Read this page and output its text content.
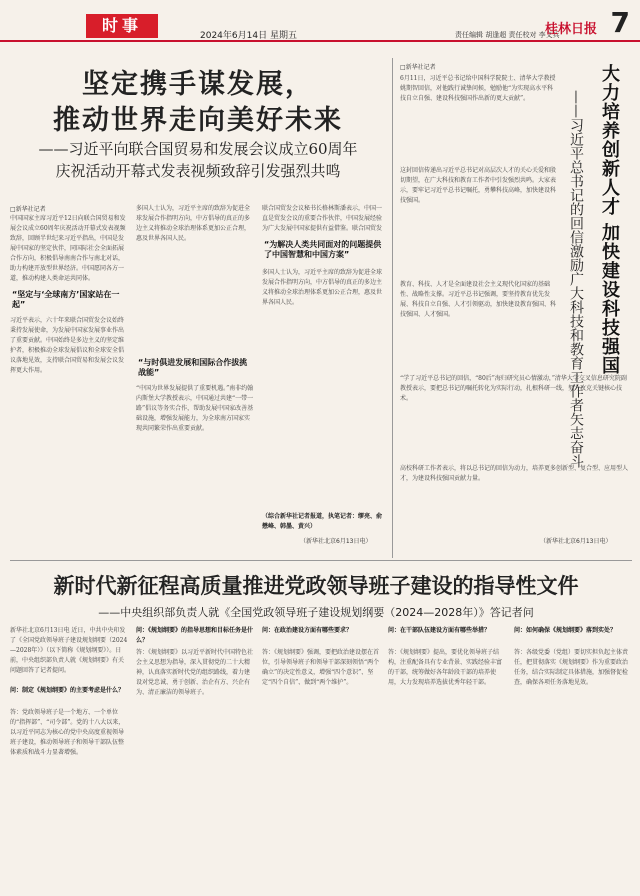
时事
2024年6月14日 星期五	责任编辑 胡逢超 责任校对 李义兵
桂林日报 7
坚定携手谋发展，
推动世界走向美好未来
——习近平向联合国贸易和发展会议成立60周年
庆祝活动开幕式发表视频致辞引发强烈共鸣
□新华社记者
中国国家主席习近平12日向联合国贸易和发展会议成立60周年庆祝活动开幕式发表视频致辞，回顾半世纪来习近平指出，中国是发展中国家的坚定伙伴，同国际社会全面拓展合作方向，积极倡导南南合作与南北对话，助力构建开放型世界经济。中国愿同各方一道，推动构建人类命运共同体。
“坚定与‘全球南方’国家站在一起”
习近平表示，六十年来联合国贸发会议始终秉持发展使命，为发展中国家发展事业作出了重要贡献。中国始终是多边主义的坚定维护者，积极推动全球发展倡议和全球安全倡议落地见效，支持联合国贸易和发展会议发挥更大作用。
多国人士认为，习近平主席的致辞为促进全球发展合作指明方向，中方倡导的真正的多边主义将推动全球治理体系更加公正合理，惠及世界各国人民。
“与时俱进发展和国际合作拔挑战能”
“中国为世界发展提供了重要机遇。”南非约翰内斯堡大学教授表示，中国通过共建“一带一路”倡议等务实合作，帮助发展中国家改善基础设施，增强发展能力，为全球南方国家实现共同繁荣作出重要贡献。
联合国贸发会议秘书长格林斯潘表示，中国一直是贸发会议的重要合作伙伴，中国发展经验为广大发展中国家提供有益借鉴。联合国贸发
“为解决人类共同面对的问题提供了中国智慧和中国方案”
多国人士认为，习近平主席的致辞为促进全球发展合作指明方向，中方倡导的真正的多边主义将推动全球治理体系更加公正合理，惠及世界各国人民。
（综合新华社记者报道，执笔记者：缪亮、俞懋峰、韩墨、黄兴）
（新华社北京6月13日电）
□新华社记者	大力培养创新人才 加快建设科技强国
——习近平总书记的回信激励广大科技和教育工作者矢志奋斗
6月11日，习近平总书记给中国科学院院士、清华大学教授姚期智回信，对他践行诚挚问候，勉励他“为实现高水平科技自立自强、建设科技强国作出新的更大贡献”。
这封回信传递出习近平总书记对高层次人才的关心关爱和殷切期望，在广大科技和教育工作者中引发强烈共鸣。大家表示，要牢记习近平总书记嘱托，勇攀科技高峰，加快建设科技强国。
教育、科技、人才是全面建设社会主义现代化国家的基础性、战略性支撑。习近平总书记强调，要坚持教育优先发展、科技自立自强、人才引领驱动，加快建设教育强国、科技强国、人才强国。
“学了习近平总书记的回信，“80后”海归研究员心情激动，”清华大学交叉信息研究院副教授表示，要把总书记的嘱托转化为实际行动，扎根科研一线，努力攻克关键核心技术。
高校科研工作者表示，将以总书记的回信为动力，培养更多创新型、复合型、应用型人才，为建设科技强国贡献力量。
（新华社北京6月13日电）
新时代新征程高质量推进党政领导班子建设的指导性文件
——中央组织部负责人就《全国党政领导班子建设规划纲要（2024—2028年）》答记者问
新华社北京6月13日电 近日，中共中央印发了《全国党政领导班子建设规划纲要（2024—2028年）》（以下简称《规划纲要》）。日前，中央组织部负责人就《规划纲要》有关问题回答了记者提问。
问：制定《规划纲要》的主要考虑是什么？
答：党政领导班子是一个地方、一个单位的“指挥部”、“司令部”。党的十八大以来，以习近平同志为核心的党中央高度重视领导班子建设，推动领导班子和领导干部队伍整体素质和战斗力显著增强。
问：《规划纲要》的指导思想和目标任务是什么？
答：《规划纲要》以习近平新时代中国特色社会主义思想为指导，深入贯彻党的二十大精神，认真落实新时代党的组织路线，着力建设对党忠诚、勇于创新、治企有方、兴企有为、清正廉洁的领导班子。
问：在政治建设方面有哪些要求？
答：《规划纲要》强调，要把政治建设摆在首位，引导领导班子和领导干部深刻领悟“两个确立”的决定性意义，增强“四个意识”、坚定“四个自信”、做到“两个维护”。
问：在干部队伍建设方面有哪些举措？
答：《规划纲要》提出，要优化领导班子结构，注重配备具有专业背景、实践经验丰富的干部，统筹做好各年龄段干部的培养使用，大力发现培养选拔优秀年轻干部。
问：如何确保《规划纲要》落到实处？
答：各级党委（党组）要切实担负起主体责任，把贯彻落实《规划纲要》作为重要政治任务，结合实际制定具体措施，加强督促检查，确保各项任务落地见效。
